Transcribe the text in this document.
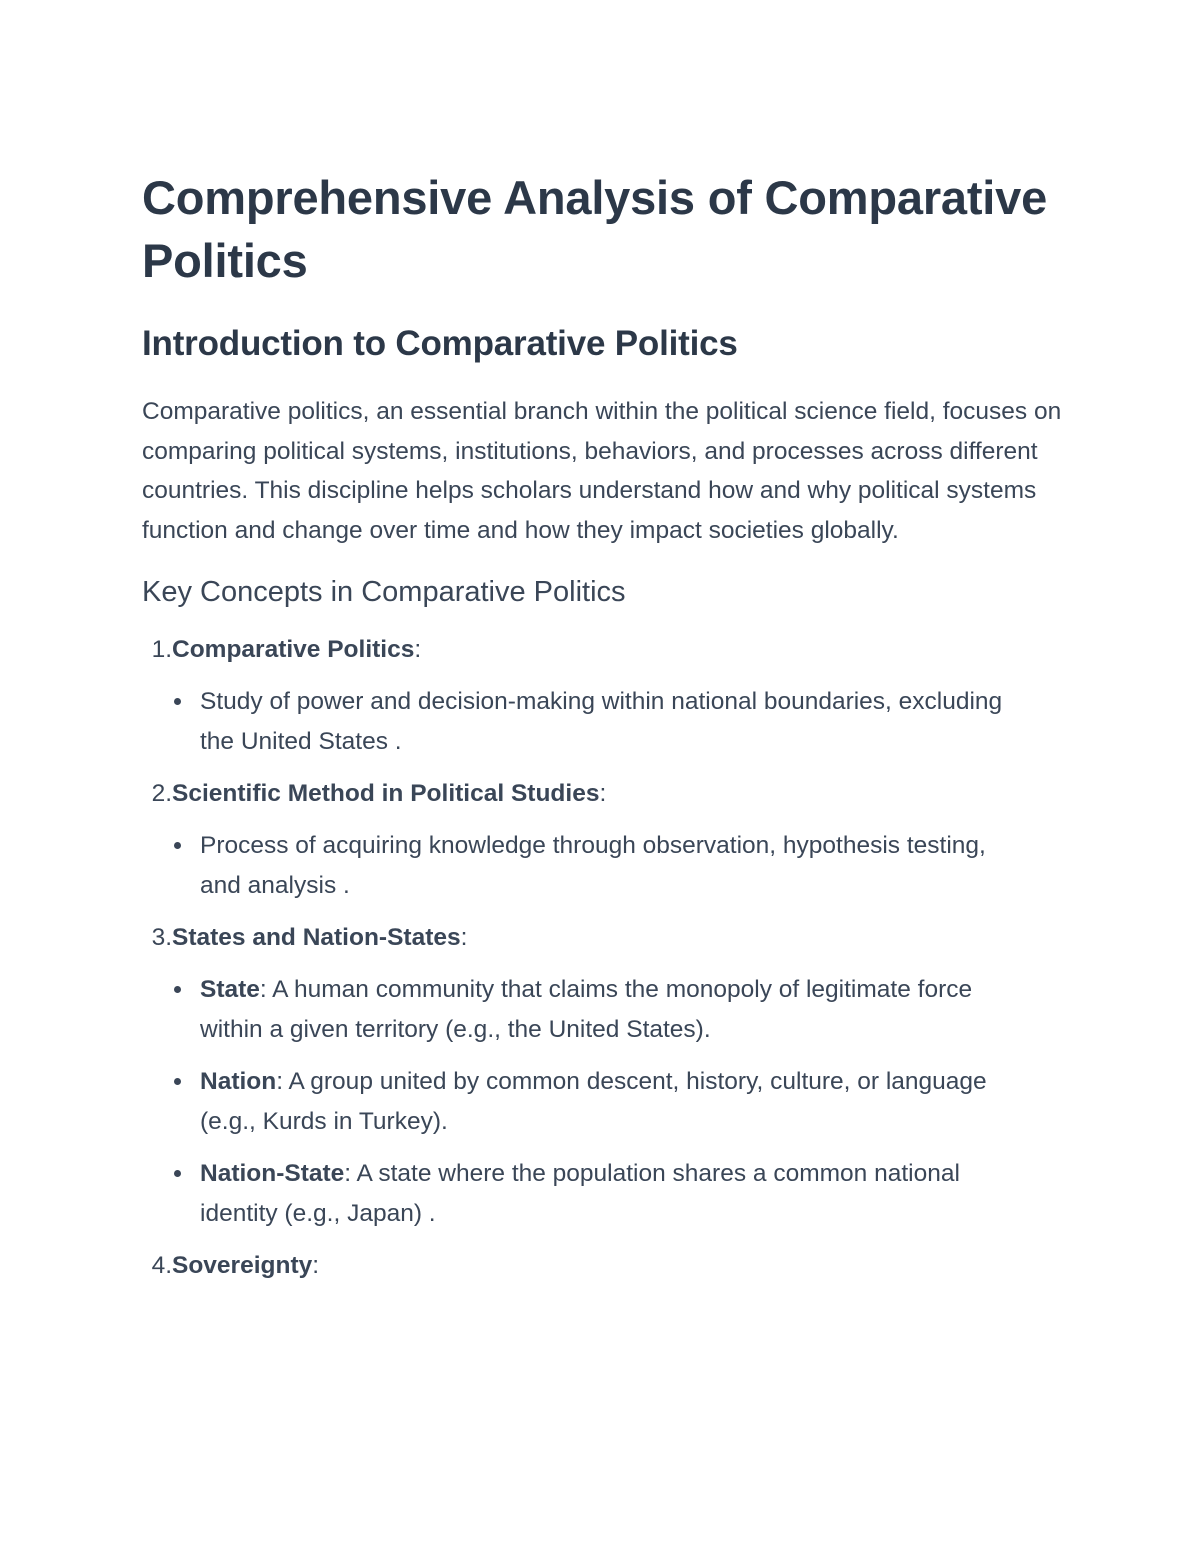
Comprehensive Analysis of Comparative Politics
Introduction to Comparative Politics

Comparative politics, an essential branch within the political science field, focuses on comparing political systems, institutions, behaviors, and processes across different countries. This discipline helps scholars understand how and why political systems function and change over time and how they impact societies globally.

Key Concepts in Comparative Politics
1. Comparative Politics :
Study of power and decision-making within national boundaries, excluding the United States .
2. Scientific Method in Political Studies :
Process of acquiring knowledge through observation, hypothesis testing, and analysis .
3. States and Nation-States :
State: A human community that claims the monopoly of legitimate force within a given territory (e.g., the United States).
Nation: A group united by common descent, history, culture, or language (e.g., Kurds in Turkey).
Nation-State: A state where the population shares a common national identity (e.g., Japan) .
4. Sovereignty :
